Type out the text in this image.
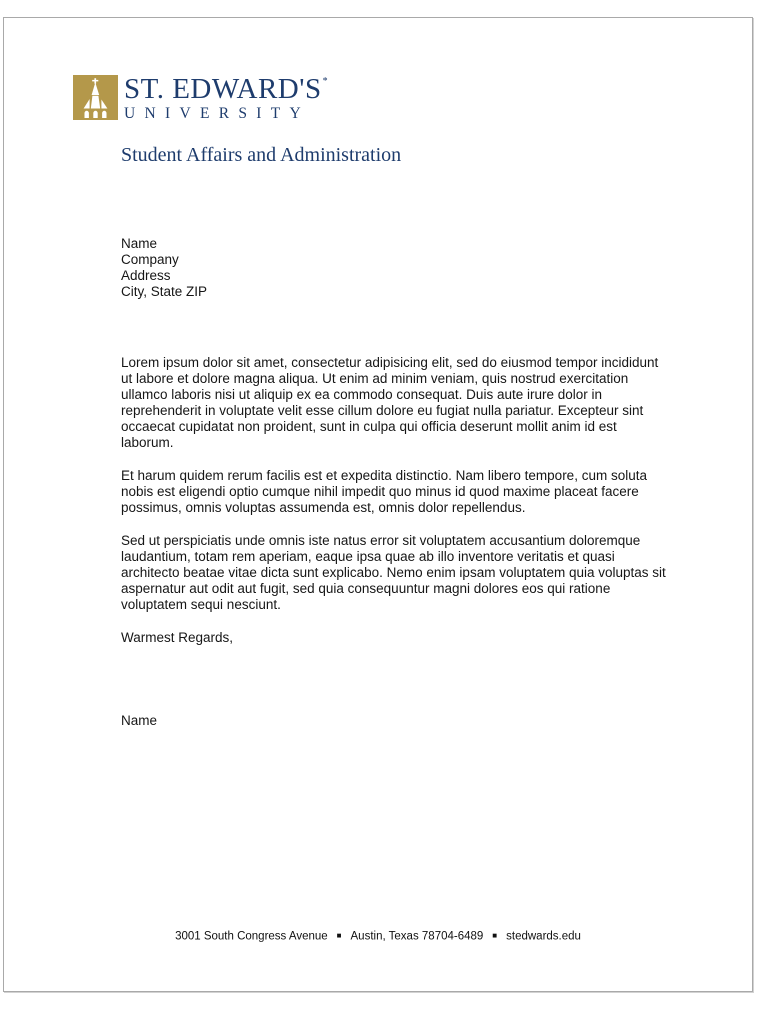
ST. EDWARD'S*
UNIVERSITY
Student Affairs and Administration
Name
Company
Address
City, State ZIP

Lorem ipsum dolor sit amet, consectetur adipisicing elit, sed do eiusmod tempor incididunt ut labore et dolore magna aliqua. Ut enim ad minim veniam, quis nostrud exercitation ullamco laboris nisi ut aliquip ex ea commodo consequat. Duis aute irure dolor in reprehenderit in voluptate velit esse cillum dolore eu fugiat nulla pariatur. Excepteur sint occaecat cupidatat non proident, sunt in culpa qui officia deserunt mollit anim id est laborum.

Et harum quidem rerum facilis est et expedita distinctio. Nam libero tempore, cum soluta nobis est eligendi optio cumque nihil impedit quo minus id quod maxime placeat facere possimus, omnis voluptas assumenda est, omnis dolor repellendus.

Sed ut perspiciatis unde omnis iste natus error sit voluptatem accusantium doloremque laudantium, totam rem aperiam, eaque ipsa quae ab illo inventore veritatis et quasi architecto beatae vitae dicta sunt explicabo. Nemo enim ipsam voluptatem quia voluptas sit aspernatur aut odit aut fugit, sed quia consequuntur magni dolores eos qui ratione voluptatem sequi nesciunt.

Warmest Regards,

Name
3001 South Congress Avenue ■ Austin, Texas 78704-6489 ■ stedwards.edu
